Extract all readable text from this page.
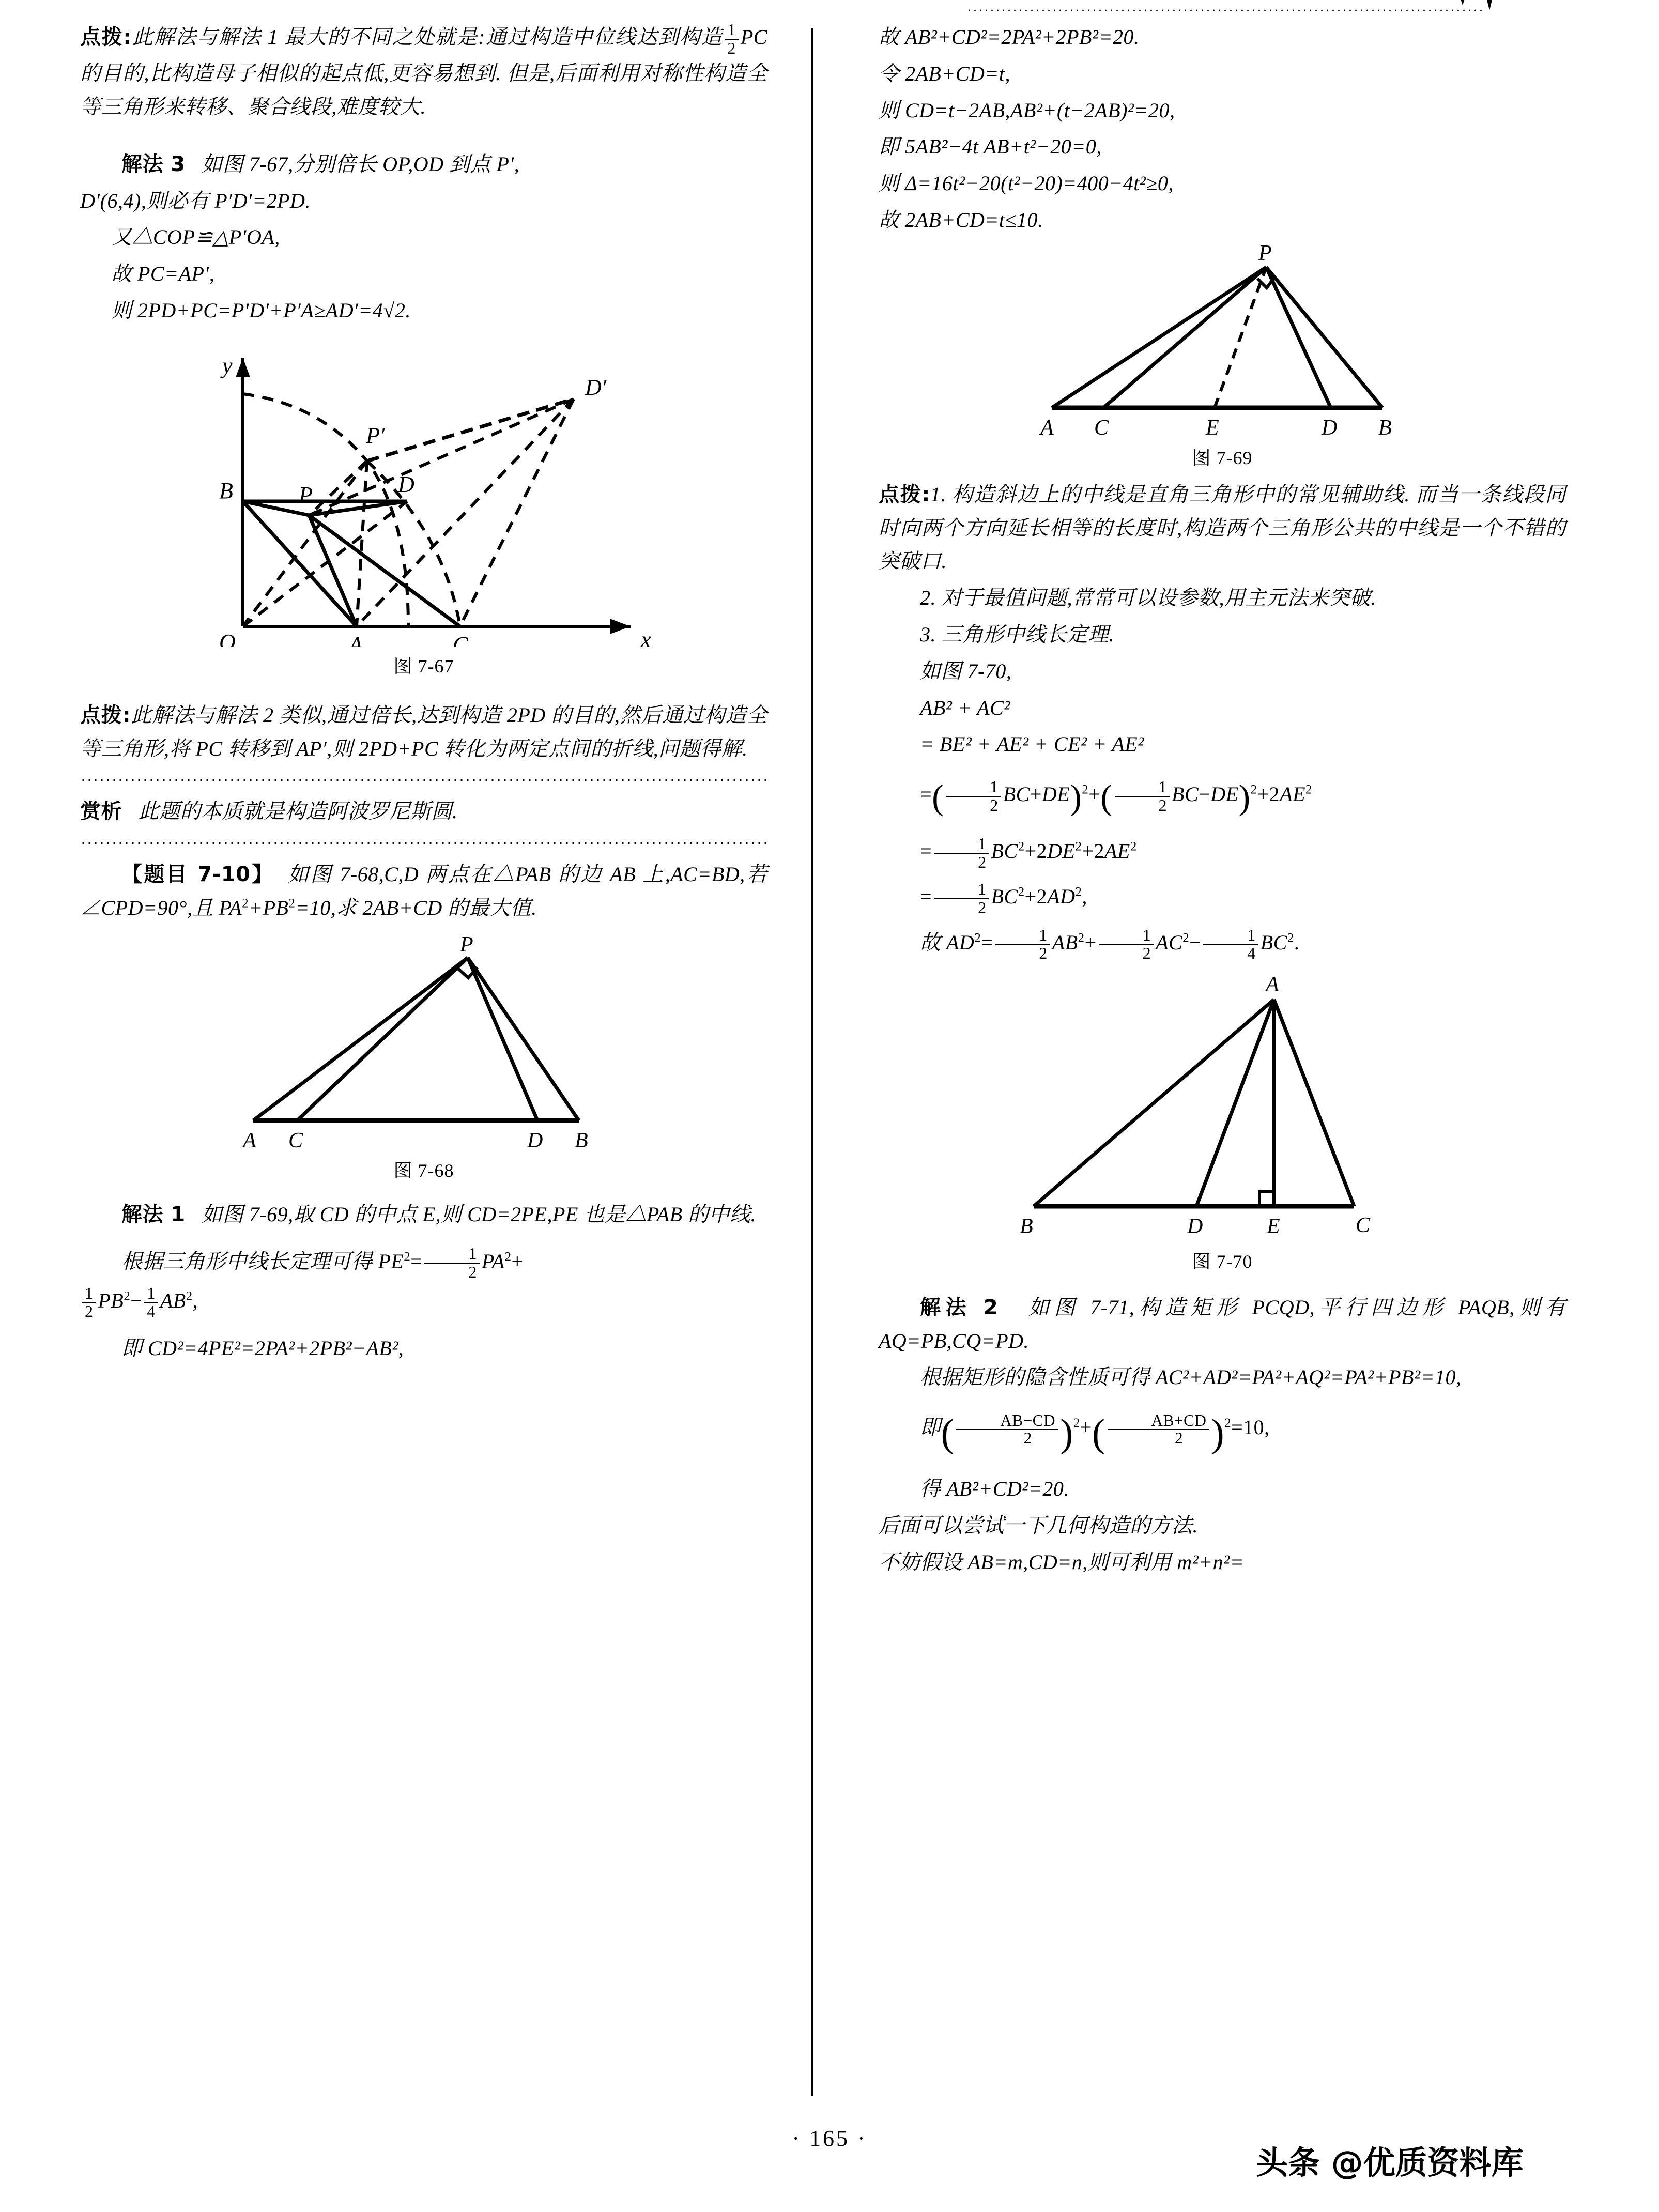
点拨:此解法与解法 1 最大的不同之处就是:通过构造中位线达到构造 $\frac{1}{2}$ PC 的目的,比构造母子相似的起点低,更容易想到. 但是,后面利用对称性构造全等三角形来转移、聚合线段,难度较大.
解法 3 如图 7-67,分别倍长 OP,OD 到点 P′,
D′(6,4),则必有 P′D′=2PD.
又△COP≌△P′OA,
故 PC=AP′,
则 2PD+PC=P′D′+P′A≥AD′=4√2.
y
D′
P′
B	P	D
O	A	C	x
图 7-67
点拨:此解法与解法 2 类似,通过倍长,达到构造 2PD 的目的,然后通过构造全等三角形,将 PC 转移到 AP′,则 2PD+PC 转化为两定点间的折线,问题得解.
赏析 此题的本质就是构造阿波罗尼斯圆.
【题目 7-10】 如图 7-68,C,D 两点在△PAB 的边 AB 上,AC=BD,若∠CPD=90°,且 $PA^2+PB^2=10$,求 2AB+CD 的最大值.
P
A C	D B
图 7-68
解法 1 如图 7-69,取 CD 的中点 E,则 CD=2PE,PE 也是△PAB 的中线.
根据三角形中线长定理可得 $PE^2= \frac{1}{2} PA^2+$
$\frac{1}{2} PB^2- \frac{1}{4} AB^2$,
即 CD²=4PE²=2PA²+2PB²−AB²,
故 AB²+CD²=2PA²+2PB²=20.
令 2AB+CD=t,
则 CD=t−2AB,AB²+(t−2AB)²=20,
即 5AB²−4t AB+t²−20=0,
则 Δ=16t²−20(t²−20)=400−4t²≥0,
故 2AB+CD=t≤10.
P
A C	E	D B
图 7-69
点拨:1. 构造斜边上的中线是直角三角形中的常见辅助线. 而当一条线段同时向两个方向延长相等的长度时,构造两个三角形公共的中线是一个不错的突破口.
2. 对于最值问题,常常可以设参数,用主元法来突破.
3. 三角形中线长定理.
如图 7-70,
AB² + AC²
= BE² + AE² + CE² + AE²
=( $\frac{1}{2} BC+DE)^2+( \frac{1}{2} BC-DE)^2+2AE^2$
= $\frac{1}{2} BC^2+2DE^2+2AE^2$
= $\frac{1}{2} BC^2+2AD^2$,
故 $AD^2= \frac{1}{2} AB^2+ \frac{1}{2} AC^2- \frac{1}{4} BC^2$.
A
B	D	E	C
图 7-70
解法 2 如图 7-71,构造矩形 PCQD,平行四边形 PAQB,则有 AQ=PB,CQ=PD.
根据矩形的隐含性质可得 AC²+AD²=PA²+AQ²=PA²+PB²=10,
即( $\frac{AB-CD}{2} )^2+( \frac{AB+CD}{2} )^2=10$,
得 AB²+CD²=20.
后面可以尝试一下几何构造的方法.
不妨假设 AB=m,CD=n,则可利用 m²+n²=
· 165 ·
头条 @优质资料库
